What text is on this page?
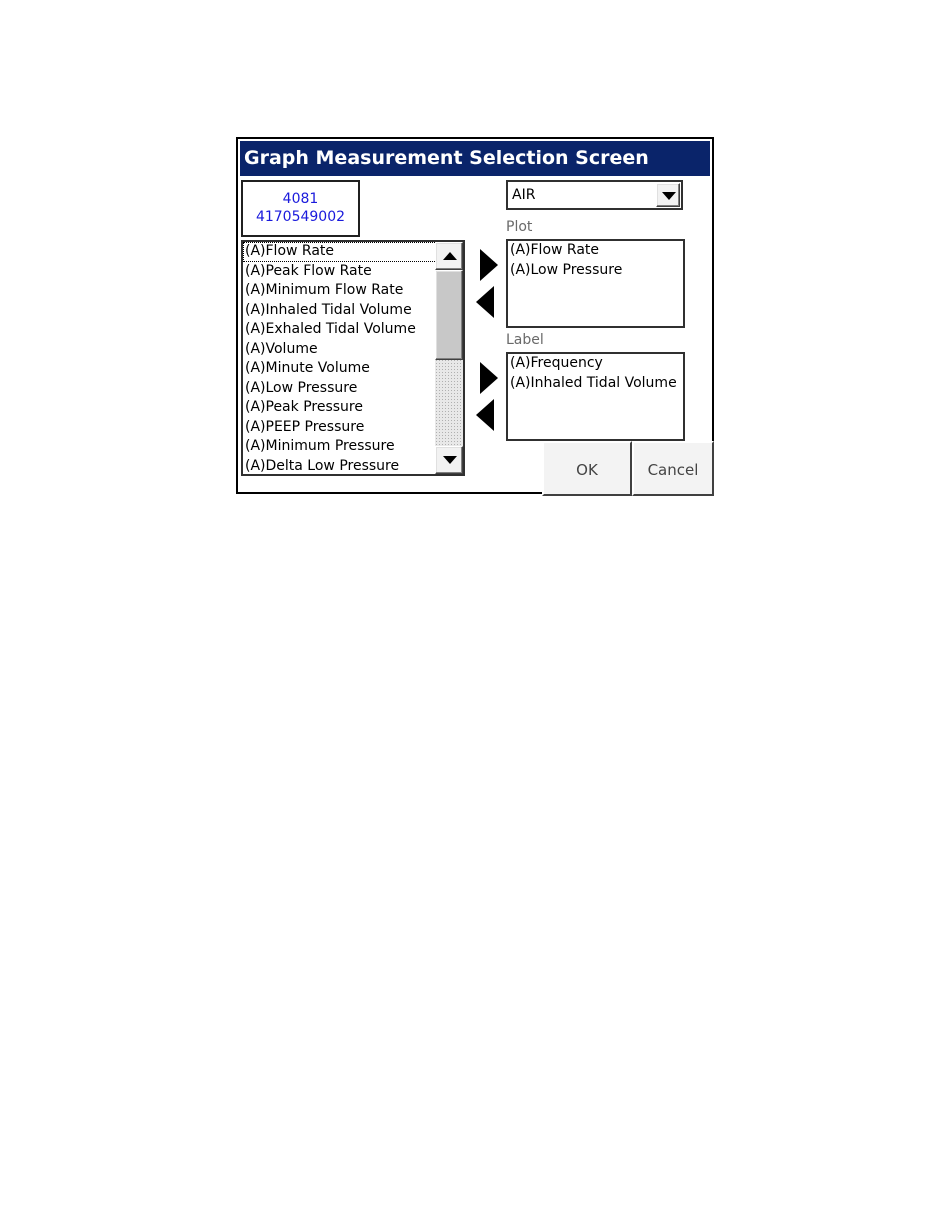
Graph Measurement Selection Screen
4081
4170549002
AIR
(A)Flow Rate
(A)Peak Flow Rate
(A)Minimum Flow Rate
(A)Inhaled Tidal Volume
(A)Exhaled Tidal Volume
(A)Volume
(A)Minute Volume
(A)Low Pressure
(A)Peak Pressure
(A)PEEP Pressure
(A)Minimum Pressure
(A)Delta Low Pressure
Plot
(A)Flow Rate
(A)Low Pressure
Label
(A)Frequency
(A)Inhaled Tidal Volume
OK	Cancel
